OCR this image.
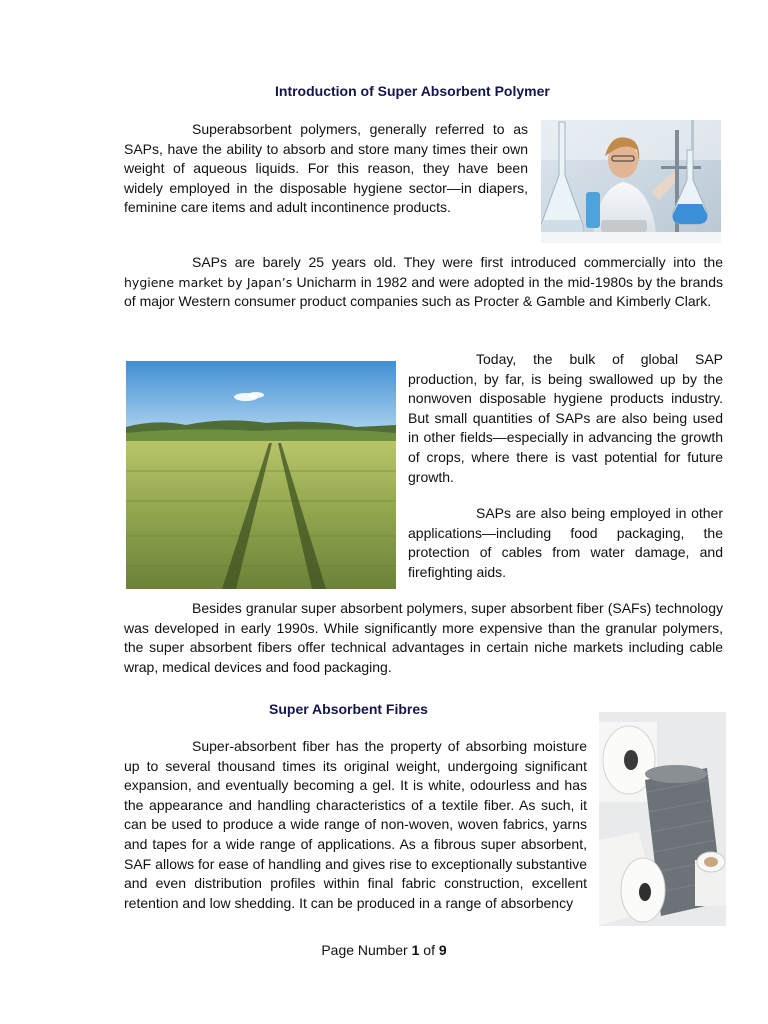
Introduction of Super Absorbent Polymer

Superabsorbent polymers, generally referred to as SAPs, have the ability to absorb and store many times their own weight of aqueous liquids. For this reason, they have been widely employed in the disposable hygiene sector—in diapers, feminine care items and adult incontinence products.

SAPs are barely 25 years old. They were first introduced commercially into the hygiene market by Japan’s Unicharm in 1982 and were adopted in the mid-1980s by the brands of major Western consumer product companies such as Procter & Gamble and Kimberly Clark.

Today, the bulk of global SAP production, by far, is being swallowed up by the nonwoven disposable hygiene products industry. But small quantities of SAPs are also being used in other fields—especially in advancing the growth of crops, where there is vast potential for future growth.

SAPs are also being employed in other applications—including food packaging, the protection of cables from water damage, and firefighting aids.

Besides granular super absorbent polymers, super absorbent fiber (SAFs) technology was developed in early 1990s. While significantly more expensive than the granular polymers, the super absorbent fibers offer technical advantages in certain niche markets including cable wrap, medical devices and food packaging.

Super Absorbent Fibres

Super-absorbent fiber has the property of absorbing moisture up to several thousand times its original weight, undergoing significant expansion, and eventually becoming a gel. It is white, odourless and has the appearance and handling characteristics of a textile fiber. As such, it can be used to produce a wide range of non-woven, woven fabrics, yarns and tapes for a wide range of applications. As a fibrous super absorbent, SAF allows for ease of handling and gives rise to exceptionally substantive and even distribution profiles within final fabric construction, excellent retention and low shedding. It can be produced in a range of absorbency

Page Number 1 of 9
